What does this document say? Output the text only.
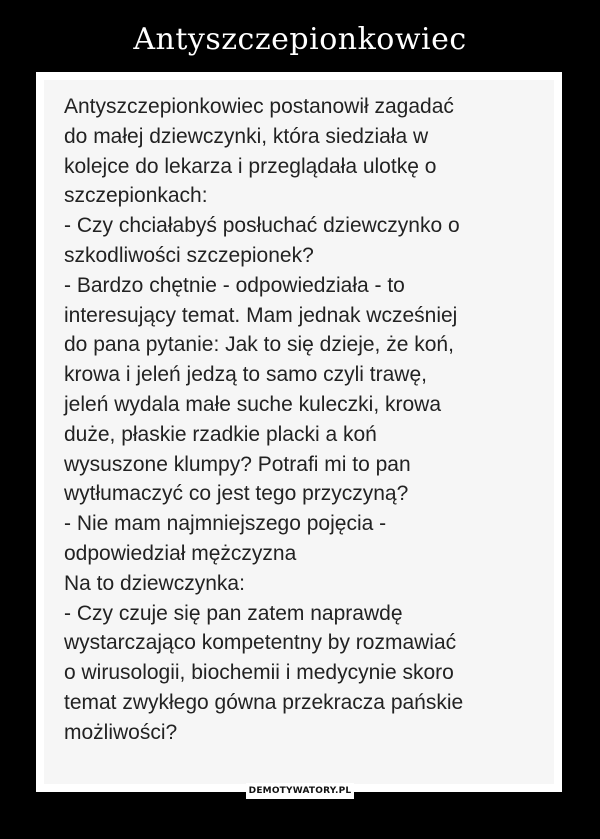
Antyszczepionkowiec
Antyszczepionkowiec postanowił zagadać
do małej dziewczynki, która siedziała w
kolejce do lekarza i przeglądała ulotkę o
szczepionkach:
- Czy chciałabyś posłuchać dziewczynko o
szkodliwości szczepionek?
- Bardzo chętnie - odpowiedziała - to
interesujący temat. Mam jednak wcześniej
do pana pytanie: Jak to się dzieje, że koń,
krowa i jeleń jedzą to samo czyli trawę,
jeleń wydala małe suche kuleczki, krowa
duże, płaskie rzadkie placki a koń
wysuszone klumpy? Potrafi mi to pan
wytłumaczyć co jest tego przyczyną?
- Nie mam najmniejszego pojęcia -
odpowiedział mężczyzna
Na to dziewczynka:
- Czy czuje się pan zatem naprawdę
wystarczająco kompetentny by rozmawiać
o wirusologii, biochemii i medycynie skoro
temat zwykłego gówna przekracza pańskie
możliwości?
DEMOTYWATORY.PL
